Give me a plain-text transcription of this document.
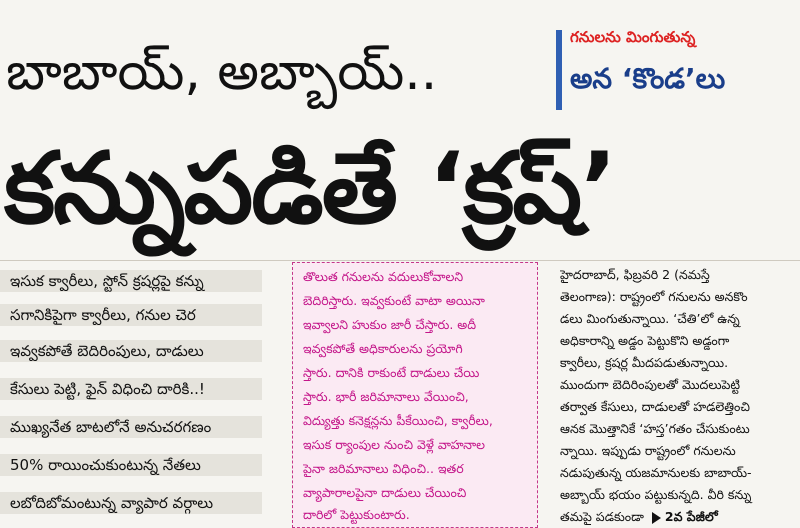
బాబాయ్, అబ్బాయ్..
గనులను మింగుతున్న
అన ‘కొండ’లు
కన్నుపడితే ‘క్రష్’
ఇసుక క్వారీలు, స్టోన్ క్రషర్లపై కన్ను
సగానికిపైగా క్వారీలు, గనుల చెర
ఇవ్వకపోతే బెదిరింపులు, దాడులు
కేసులు పెట్టి, ఫైన్ విధించి దారికి..!
ముఖ్యనేత బాటలోనే అనుచరగణం
50% రాయించుకుంటున్న నేతలు
లబోదిబోమంటున్న వ్యాపార వర్గాలు
తొలుత గనులను వదులుకోవాలని
బెదిరిస్తారు. ఇవ్వకుంటే వాటా అయినా
ఇవ్వాలని హుకుం జారీ చేస్తారు. అదీ
ఇవ్వకపోతే అధికారులను ప్రయోగి
స్తారు. దానికి రాకుంటే దాడులు చేయి
స్తారు. భారీ జరిమానాలు వేయించి,
విద్యుత్తు కనెక్షన్లను పీకేయించి, క్వారీలు,
ఇసుక ర్యాంపుల నుంచి వెళ్లే వాహనాల
పైనా జరిమానాలు విధించి.. ఇతర
వ్యాపారాలపైనా దాడులు చేయించి
దారిలో పెట్టుకుంటారు.
హైదరాబాద్, ఫిబ్రవరి 2 (నమస్తే
తెలంగాణ): రాష్ట్రంలో గనులను అనకొం
డలు మింగుతున్నాయి. ‘చేతి’లో ఉన్న
అధికారాన్ని అడ్డం పెట్టుకొని అడ్డంగా
క్వారీలు, క్రషర్ల మీదపడుతున్నాయి.
ముందుగా బెదిరింపులతో మొదలుపెట్టి
తర్వాత కేసులు, దాడులతో హడలెత్తించి
ఆనక మొత్తానికే ‘హస్త’గతం చేసుకుంటు
న్నాయి. ఇప్పుడు రాష్ట్రంలో గనులను
నడుపుతున్న యజమానులకు బాబాయ్-
అబ్బాయ్ భయం పట్టుకున్నది. వీరి కన్ను
తమపై పడకుండా 2వ పేజీలో
